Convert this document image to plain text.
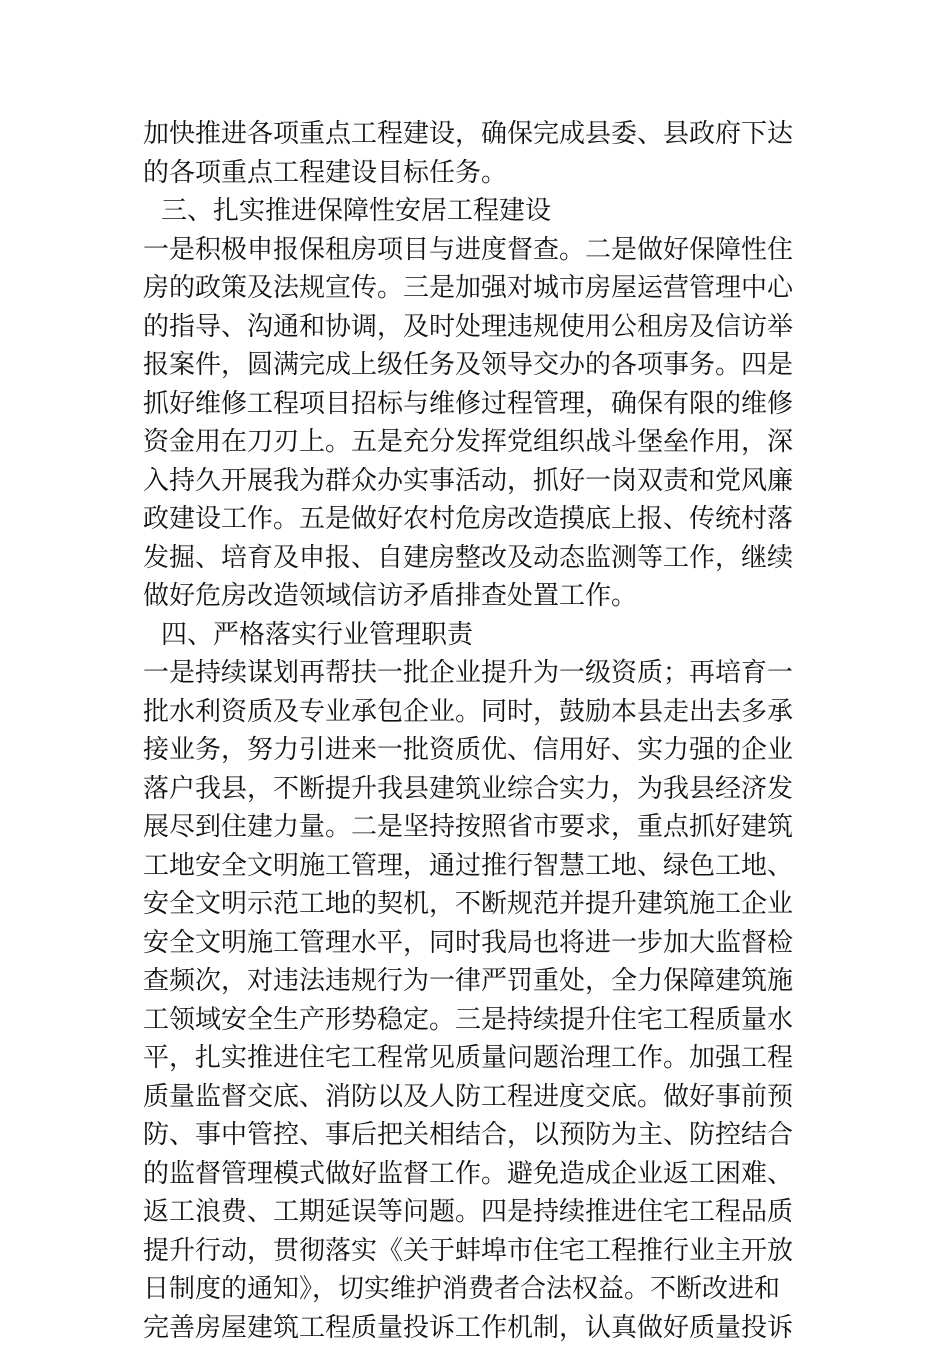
加快推进各项重点工程建设，确保完成县委、县政府下达
的各项重点工程建设目标任务。
三、扎实推进保障性安居工程建设
一是积极申报保租房项目与进度督查。二是做好保障性住
房的政策及法规宣传。三是加强对城市房屋运营管理中心
的指导、沟通和协调，及时处理违规使用公租房及信访举
报案件，圆满完成上级任务及领导交办的各项事务。四是
抓好维修工程项目招标与维修过程管理，确保有限的维修
资金用在刀刃上。五是充分发挥党组织战斗堡垒作用，深
入持久开展我为群众办实事活动，抓好一岗双责和党风廉
政建设工作。五是做好农村危房改造摸底上报、传统村落
发掘、培育及申报、自建房整改及动态监测等工作，继续
做好危房改造领域信访矛盾排查处置工作。
四、严格落实行业管理职责
一是持续谋划再帮扶一批企业提升为一级资质；再培育一
批水利资质及专业承包企业。同时，鼓励本县走出去多承
接业务，努力引进来一批资质优、信用好、实力强的企业
落户我县，不断提升我县建筑业综合实力，为我县经济发
展尽到住建力量。二是坚持按照省市要求，重点抓好建筑
工地安全文明施工管理，通过推行智慧工地、绿色工地、
安全文明示范工地的契机，不断规范并提升建筑施工企业
安全文明施工管理水平，同时我局也将进一步加大监督检
查频次，对违法违规行为一律严罚重处，全力保障建筑施
工领域安全生产形势稳定。三是持续提升住宅工程质量水
平，扎实推进住宅工程常见质量问题治理工作。加强工程
质量监督交底、消防以及人防工程进度交底。做好事前预
防、事中管控、事后把关相结合，以预防为主、防控结合
的监督管理模式做好监督工作。避免造成企业返工困难、
返工浪费、工期延误等问题。四是持续推进住宅工程品质
提升行动，贯彻落实《关于蚌埠市住宅工程推行业主开放
日制度的通知》，切实维护消费者合法权益。不断改进和
完善房屋建筑工程质量投诉工作机制，认真做好质量投诉
